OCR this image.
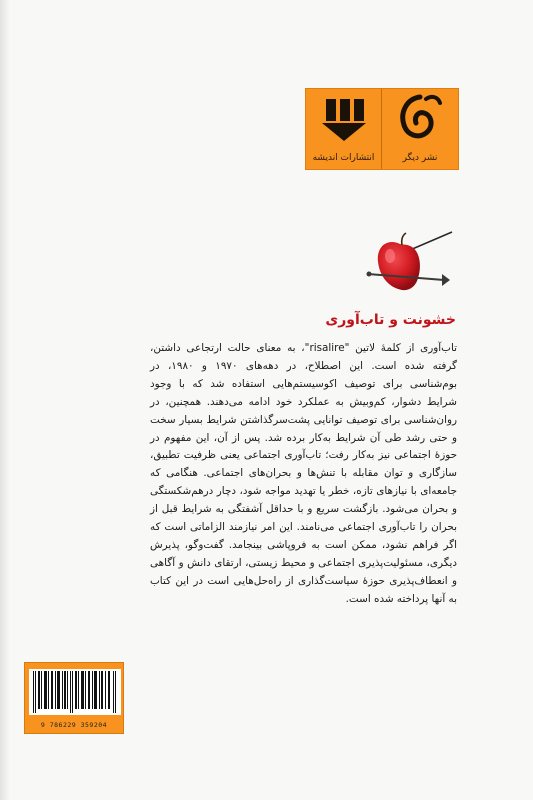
انتشارات اندیشه	نشر دیگر
خشونت و تاب‌آوری
تاب‌آوری از کلمهٔ لاتین "risalire"، به معنای حالت ارتجاعی داشتن، گرفته شده است. این اصطلاح، در دهه‌های ۱۹۷۰ و ۱۹۸۰، در بوم‌شناسی برای توصیف اکوسیستم‌هایی استفاده شد که با وجود شرایط دشوار، کم‌وبیش به عملکرد خود ادامه می‌دهند. همچنین، در روان‌شناسی برای توصیف توانایی پشت‌سرگذاشتن شرایط بسیار سخت و حتی رشد طی آن شرایط به‌کار برده شد. پس از آن، این مفهوم در حوزهٔ اجتماعی نیز به‌کار رفت؛ تاب‌آوری اجتماعی یعنی ظرفیت تطبیق، سازگاری و توان مقابله با تنش‌ها و بحران‌های اجتماعی. هنگامی که جامعه‌ای با نیازهای تازه، خطر یا تهدید مواجه شود، دچار درهم‌شکستگی و بحران می‌شود. بازگشت سریع و با حداقل آشفتگی به شرایط قبل از بحران را تاب‌آوری اجتماعی می‌نامند. این امر نیازمند الزاماتی است که اگر فراهم نشود، ممکن است به فروپاشی بینجامد. گفت‌وگو، پذیرش دیگری، مسئولیت‌پذیری اجتماعی و محیط زیستی، ارتقای دانش و آگاهی و انعطاف‌پذیری حوزهٔ سیاست‌گذاری از راه‌حل‌هایی است در این کتاب به آنها پرداخته شده است.
9 786229 359204
